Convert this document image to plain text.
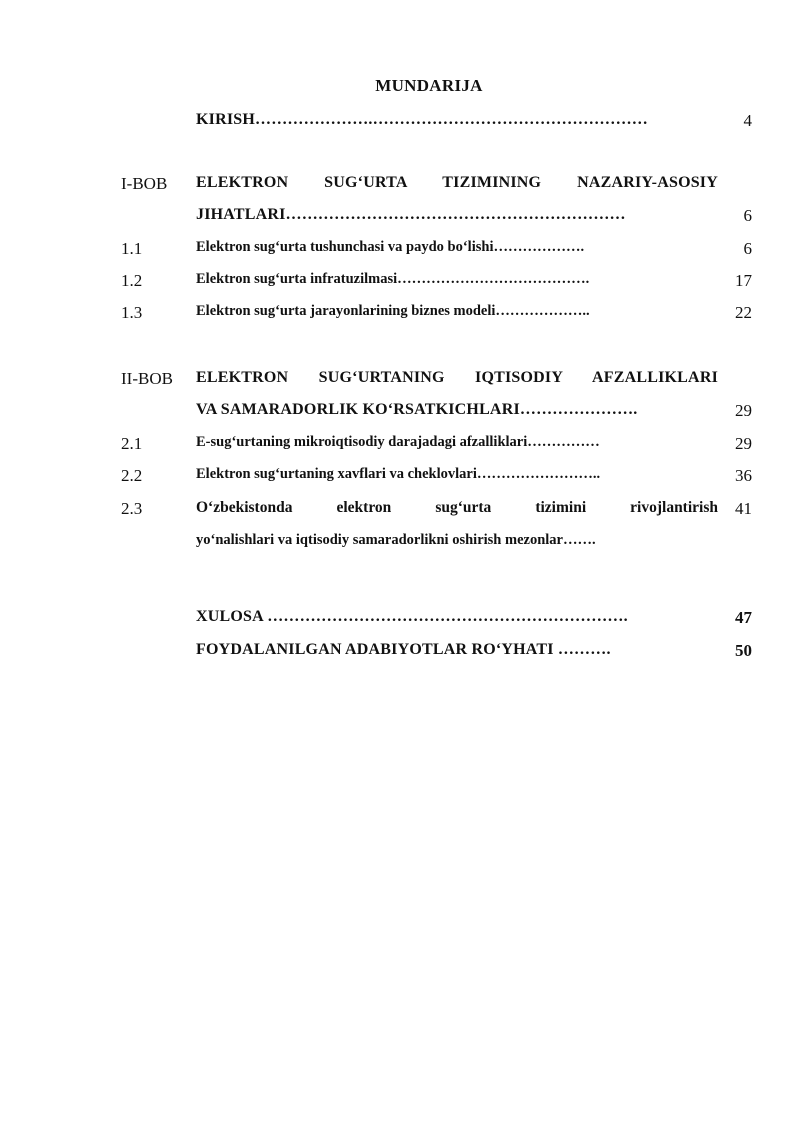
MUNDARIJA
KIRISH………………….……………………………………………	4
I-BOB ELEKTRON SUG‘URTA TIZIMINING NAZARIY-ASOSIY
JIHATLARI………………………………………………………	6
1.1	Elektron sug‘urta tushunchasi va paydo bo‘lishi……………….	6
1.2	Elektron sug‘urta infratuzilmasi………………………………….	17
1.3	Elektron sug‘urta jarayonlarining biznes modeli………………..	22
II-BOB ELEKTRON SUG‘URTANING IQTISODIY AFZALLIKLARI
VA SAMARADORLIK KO‘RSATKICHLARI………………….	29
2.1	E-sug‘urtaning mikroiqtisodiy darajadagi afzalliklari……………	29
2.2	Elektron sug‘urtaning xavflari va cheklovlari……………………..	36
2.3	O‘zbekistonda elektron sug‘urta tizimini rivojlantirish 41
yo‘nalishlari va iqtisodiy samaradorlikni oshirish mezonlar…….
XULOSA ………………………………………………………….	47
FOYDALANILGAN ADABIYOTLAR RO‘YHATI ……….	50
